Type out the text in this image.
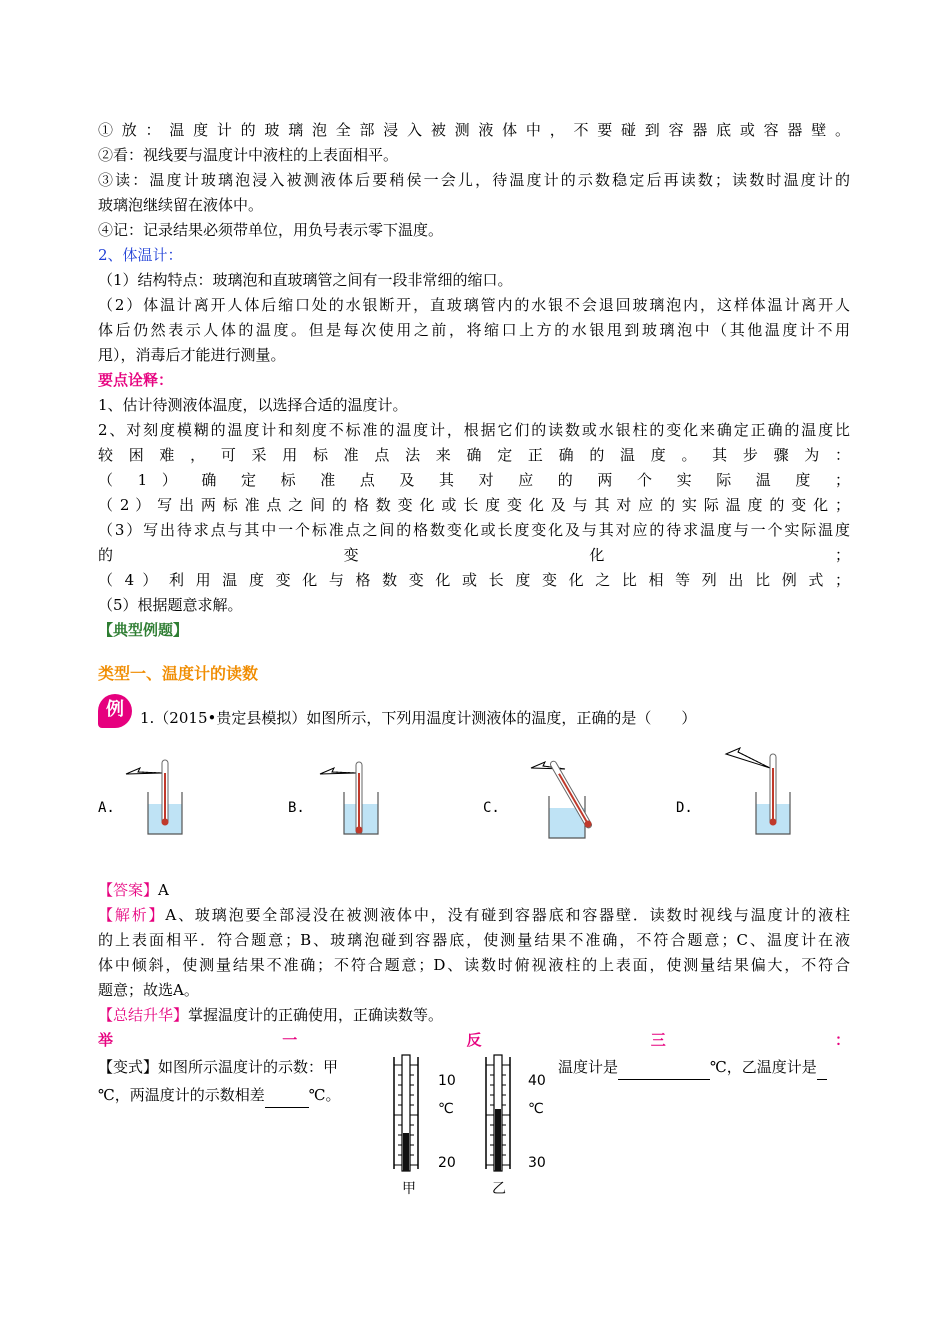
① 放 ： 温 度 计 的 玻 璃 泡 全 部 浸 入 被 测 液 体 中 ， 不 要 碰 到 容 器 底 或 容 器 壁 。
②看：视线要与温度计中液柱的上表面相平。
③读：温度计玻璃泡浸入被测液体后要稍侯一会儿，待温度计的示数稳定后再读数；读数时温度计的
玻璃泡继续留在液体中。
④记：记录结果必须带单位，用负号表示零下温度。
2、体温计：
（1）结构特点：玻璃泡和直玻璃管之间有一段非常细的缩口。
（2）体温计离开人体后缩口处的水银断开，直玻璃管内的水银不会退回玻璃泡内，这样体温计离开人
体后仍然表示人体的温度。但是每次使用之前，将缩口上方的水银甩到玻璃泡中（其他温度计不用
甩），消毒后才能进行测量。
要点诠释：
1、估计待测液体温度，以选择合适的温度计。
2、对刻度模糊的温度计和刻度不标准的温度计，根据它们的读数或水银柱的变化来确定正确的温度比
较 困 难 ， 可 采 用 标 准 点 法 来 确 定 正 确 的 温 度 。 其 步 骤 为 ：
（ 1 ） 确 定 标 准 点 及 其 对 应 的 两 个 实 际 温 度 ；
（ 2 ） 写 出 两 标 准 点 之 间 的 格 数 变 化 或 长 度 变 化 及 与 其 对 应 的 实 际 温 度 的 变 化 ；
（3）写出待求点与其中一个标准点之间的格数变化或长度变化及与其对应的待求温度与一个实际温度
的 变 化 ；
（ 4 ） 利 用 温 度 变 化 与 格 数 变 化 或 长 度 变 化 之 比 相 等 列 出 比 例 式 ；
（5）根据题意求解。
【典型例题】
类型一、温度计的读数
例	1.（2015•贵定县模拟）如图所示，下列用温度计测液体的温度，正确的是（　　）
A.	B.	C.	D.
【答案】A
【解析】A、玻璃泡要全部浸没在被测液体中，没有碰到容器底和容器壁．读数时视线与温度计的液柱
的上表面相平．符合题意；B、玻璃泡碰到容器底，使测量结果不准确，不符合题意；C、温度计在液
体中倾斜，使测量结果不准确；不符合题意；D、读数时俯视液柱的上表面，使测量结果偏大，不符合
题意；故选A。
【总结升华】掌握温度计的正确使用，正确读数等。
举 一 反 三 ：
【变式】如图所示温度计的示数：甲
℃，两温度计的示数相差	℃。
温度计是	℃，乙温度计是
10
℃
20
甲
40
℃
30
乙
